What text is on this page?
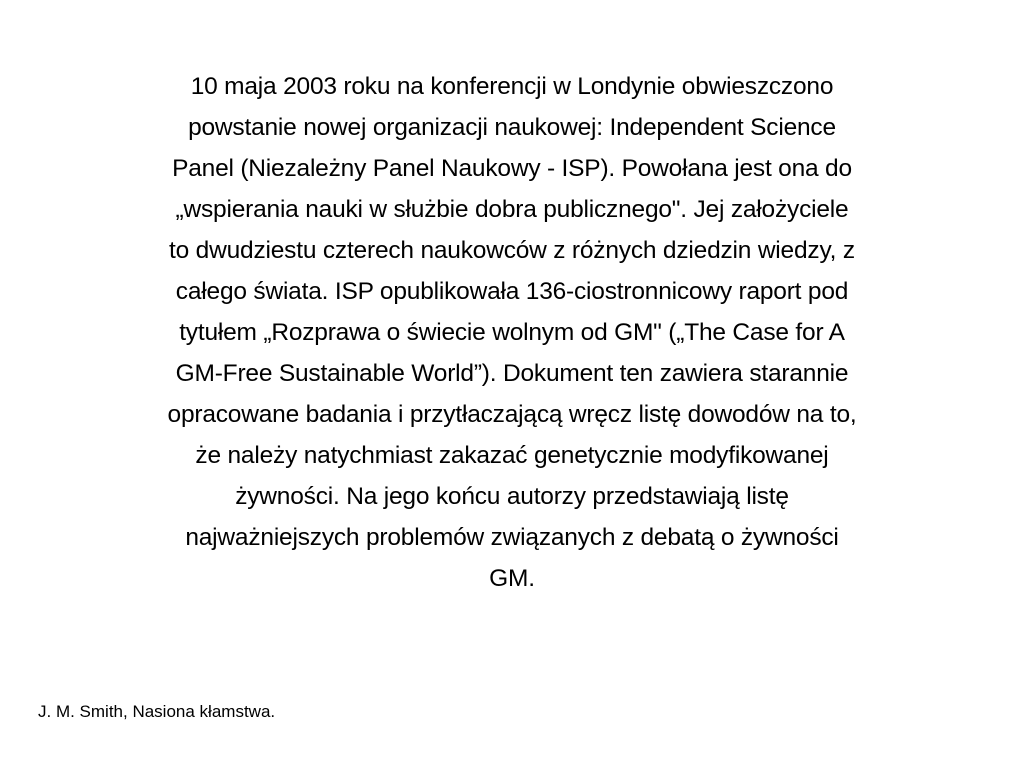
10 maja 2003 roku na konferencji w Londynie obwieszczono
powstanie nowej organizacji naukowej: Independent Science
Panel (Niezależny Panel Naukowy - ISP). Powołana jest ona do
„wspierania nauki w służbie dobra publicznego". Jej założyciele
to dwudziestu czterech naukowców z różnych dziedzin wiedzy, z
całego świata. ISP opublikowała 136-ciostronnicowy raport pod
tytułem „Rozprawa o świecie wolnym od GM" („The Case for A
GM-Free Sustainable World”). Dokument ten zawiera starannie
opracowane badania i przytłaczającą wręcz listę dowodów na to,
że należy natychmiast zakazać genetycznie modyfikowanej
żywności. Na jego końcu autorzy przedstawiają listę
najważniejszych problemów związanych z debatą o żywności
GM.

J. M. Smith, Nasiona kłamstwa.
